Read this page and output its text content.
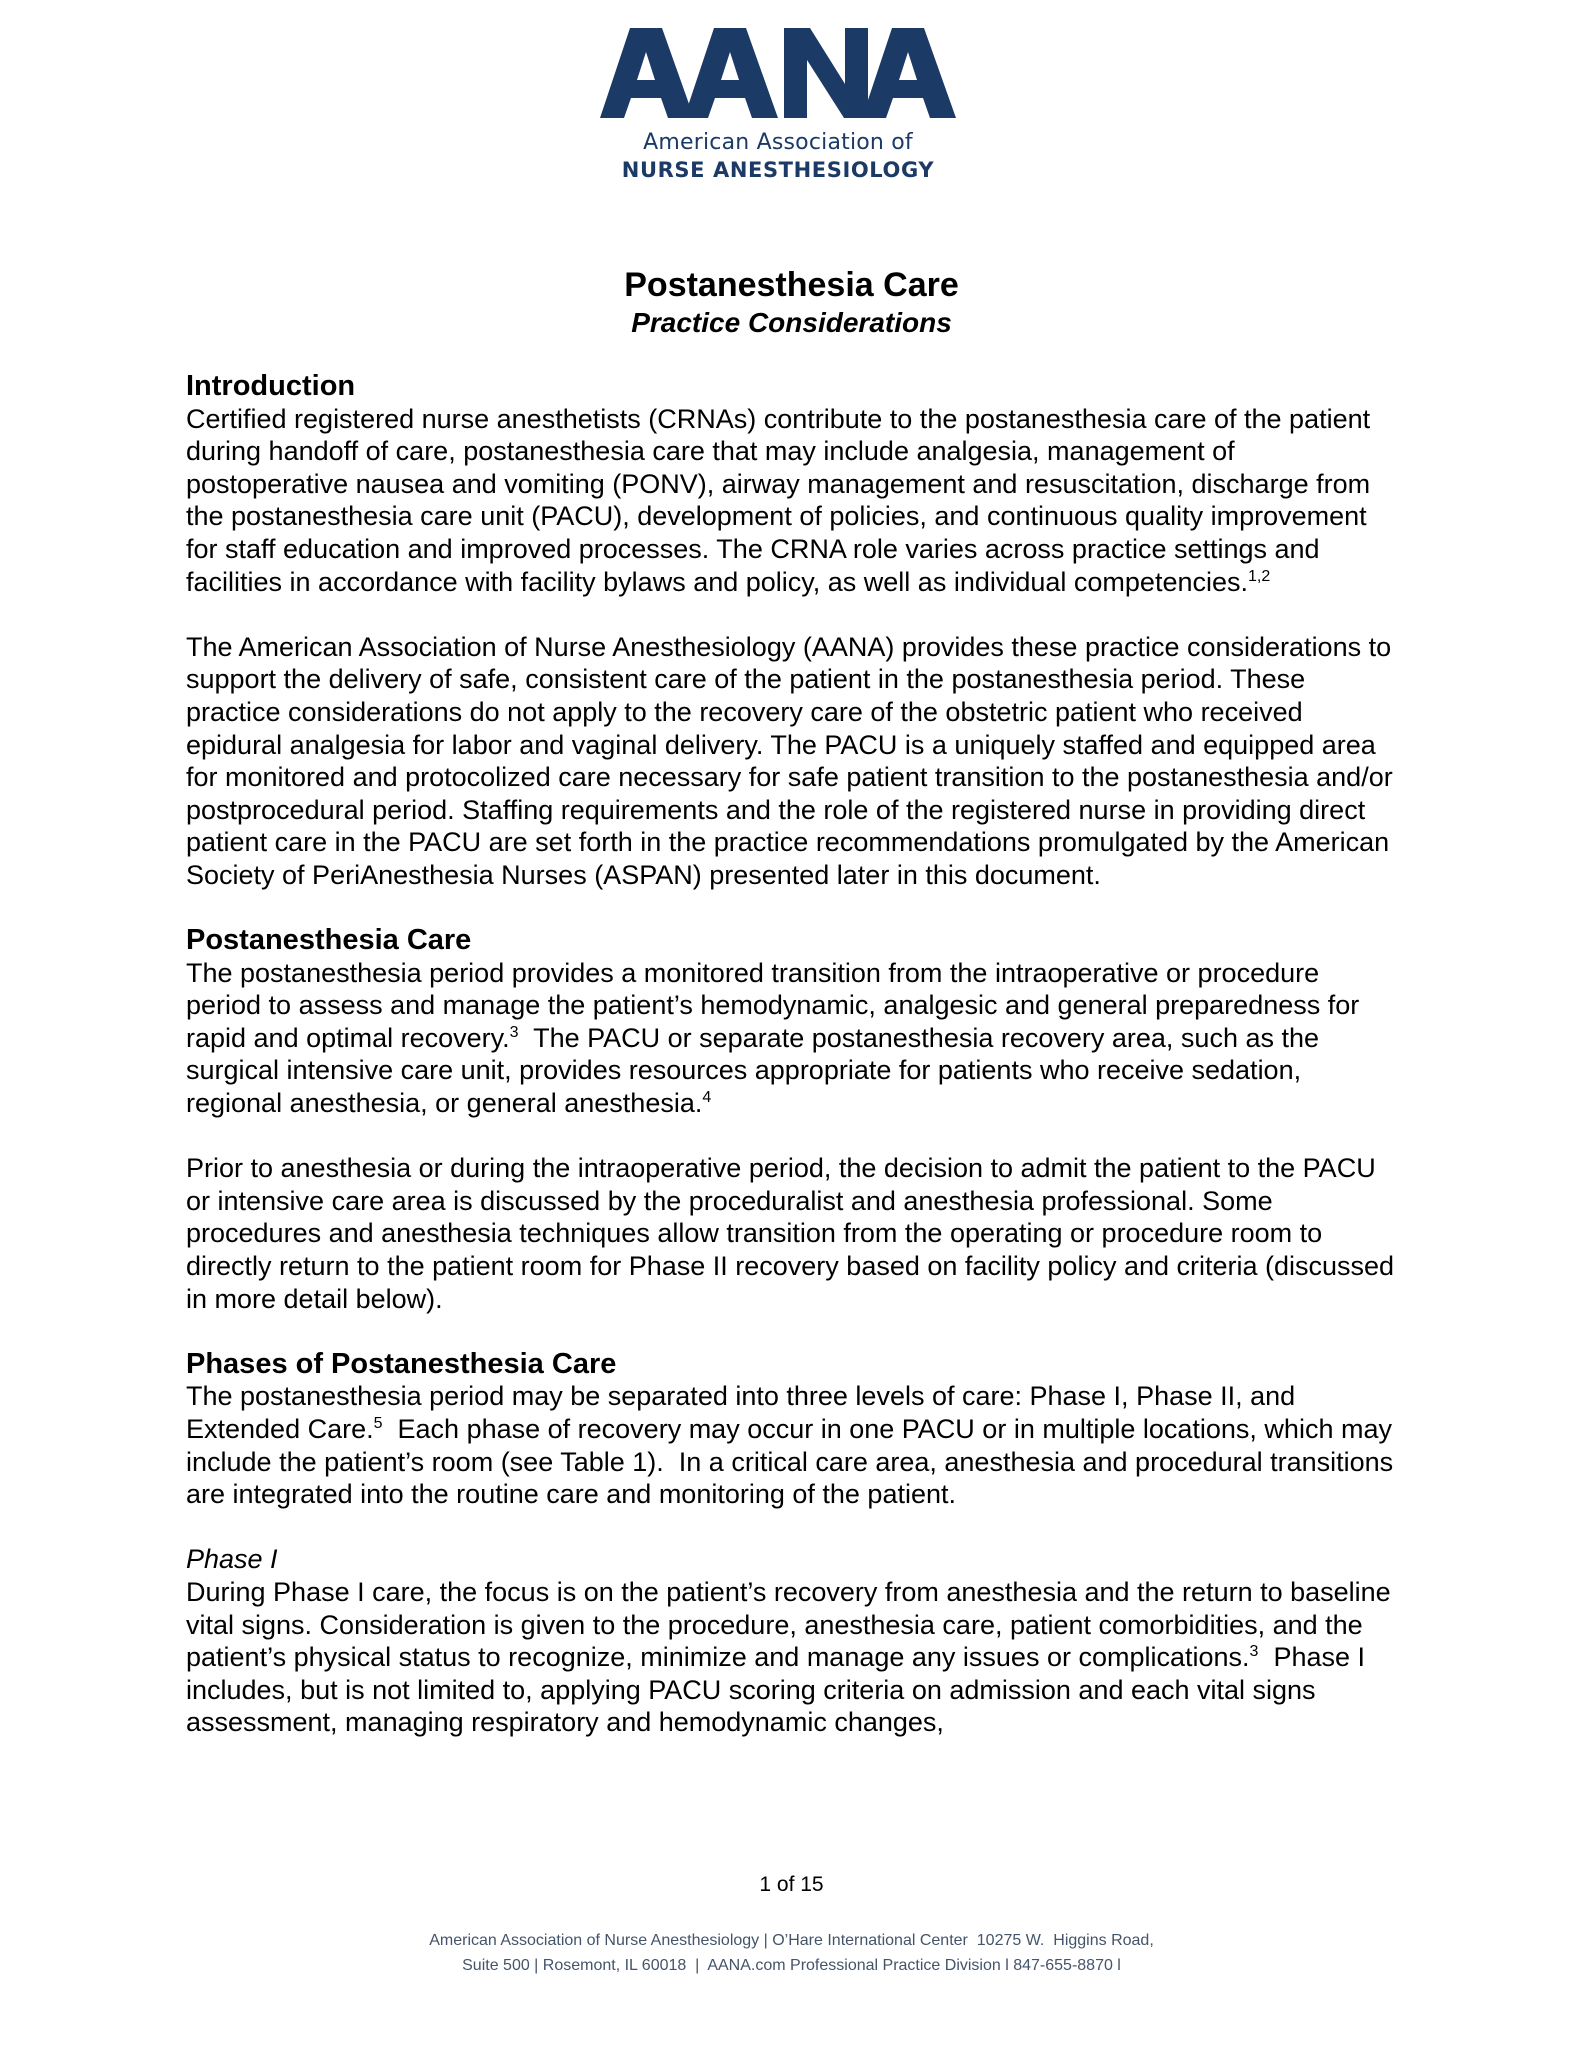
American Association of
NURSE ANESTHESIOLOGY
Postanesthesia Care
Practice Considerations
Introduction

Certified registered nurse anesthetists (CRNAs) contribute to the postanesthesia care of the patient during handoff of care, postanesthesia care that may include analgesia, management of postoperative nausea and vomiting (PONV), airway management and resuscitation, discharge from the postanesthesia care unit (PACU), development of policies, and continuous quality improvement for staff education and improved processes. The CRNA role varies across practice settings and facilities in accordance with facility bylaws and policy, as well as individual competencies.$^{1,2}$

The American Association of Nurse Anesthesiology (AANA) provides these practice considerations to support the delivery of safe, consistent care of the patient in the postanesthesia period. These practice considerations do not apply to the recovery care of the obstetric patient who received epidural analgesia for labor and vaginal delivery. The PACU is a uniquely staffed and equipped area for monitored and protocolized care necessary for safe patient transition to the postanesthesia and/or postprocedural period. Staffing requirements and the role of the registered nurse in providing direct patient care in the PACU are set forth in the practice recommendations promulgated by the American Society of PeriAnesthesia Nurses (ASPAN) presented later in this document.

Postanesthesia Care

The postanesthesia period provides a monitored transition from the intraoperative or procedure period to assess and manage the patient’s hemodynamic, analgesic and general preparedness for rapid and optimal recovery.$^3$  The PACU or separate postanesthesia recovery area, such as the surgical intensive care unit, provides resources appropriate for patients who receive sedation, regional anesthesia, or general anesthesia.$^4$

Prior to anesthesia or during the intraoperative period, the decision to admit the patient to the PACU or intensive care area is discussed by the proceduralist and anesthesia professional. Some procedures and anesthesia techniques allow transition from the operating or procedure room to directly return to the patient room for Phase II recovery based on facility policy and criteria (discussed in more detail below).

Phases of Postanesthesia Care

The postanesthesia period may be separated into three levels of care: Phase I, Phase II, and Extended Care.$^5$  Each phase of recovery may occur in one PACU or in multiple locations, which may include the patient’s room (see Table 1).  In a critical care area, anesthesia and procedural transitions are integrated into the routine care and monitoring of the patient.

Phase I

During Phase I care, the focus is on the patient’s recovery from anesthesia and the return to baseline vital signs. Consideration is given to the procedure, anesthesia care, patient comorbidities, and the patient’s physical status to recognize, minimize and manage any issues or complications.$^3$  Phase I includes, but is not limited to, applying PACU scoring criteria on admission and each vital signs assessment, managing respiratory and hemodynamic changes,

1 of 15
American Association of Nurse Anesthesiology | O’Hare International Center  10275 W.  Higgins Road,
Suite 500 | Rosemont, IL 60018  |  AANA.com Professional Practice Division l 847-655-8870 l
